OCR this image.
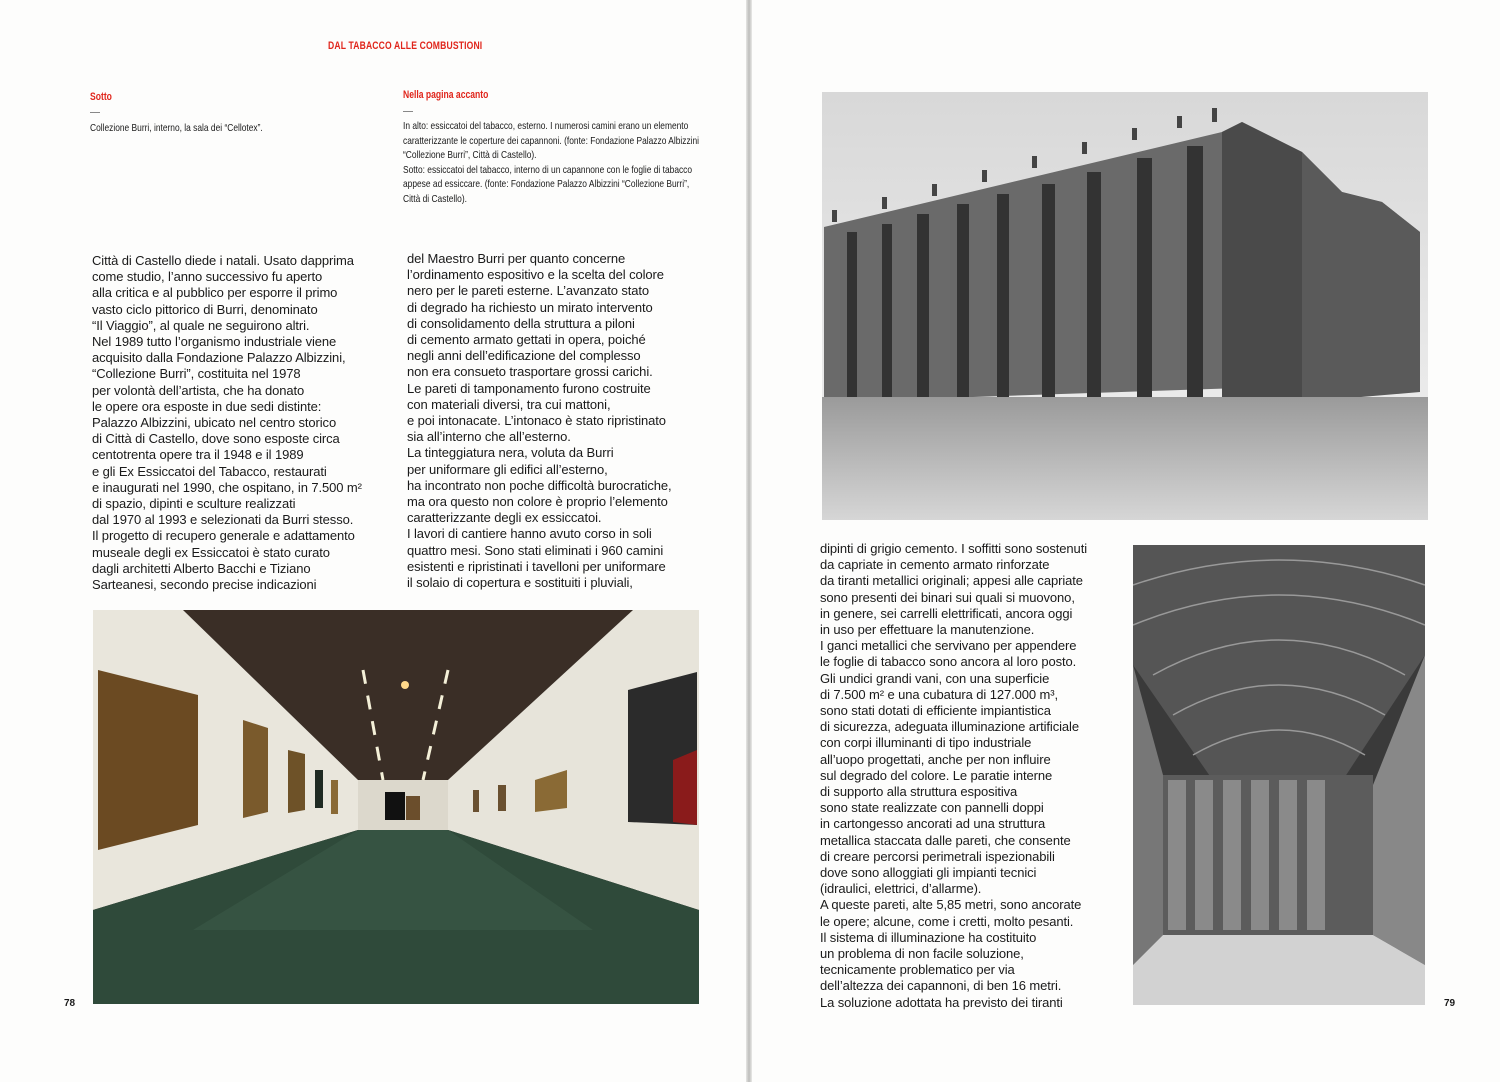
DAL TABACCO ALLE COMBUSTIONI
Sotto
Collezione Burri, interno, la sala dei “Cellotex”.
Nella pagina accanto
In alto: essiccatoi del tabacco, esterno. I numerosi camini erano un elemento
caratterizzante le coperture dei capannoni. (fonte: Fondazione Palazzo Albizzini
“Collezione Burri”, Città di Castello).
Sotto: essiccatoi del tabacco, interno di un capannone con le foglie di tabacco
appese ad essiccare. (fonte: Fondazione Palazzo Albizzini “Collezione Burri”,
Città di Castello).
Città di Castello diede i natali. Usato dapprima
come studio, l’anno successivo fu aperto
alla critica e al pubblico per esporre il primo
vasto ciclo pittorico di Burri, denominato
“Il Viaggio”, al quale ne seguirono altri.
Nel 1989 tutto l’organismo industriale viene
acquisito dalla Fondazione Palazzo Albizzini,
“Collezione Burri”, costituita nel 1978
per volontà dell’artista, che ha donato
le opere ora esposte in due sedi distinte:
Palazzo Albizzini, ubicato nel centro storico
di Città di Castello, dove sono esposte circa
centotrenta opere tra il 1948 e il 1989
e gli Ex Essiccatoi del Tabacco, restaurati
e inaugurati nel 1990, che ospitano, in 7.500 m²
di spazio, dipinti e sculture realizzati
dal 1970 al 1993 e selezionati da Burri stesso.
Il progetto di recupero generale e adattamento
museale degli ex Essiccatoi è stato curato
dagli architetti Alberto Bacchi e Tiziano
Sarteanesi, secondo precise indicazioni
del Maestro Burri per quanto concerne
l’ordinamento espositivo e la scelta del colore
nero per le pareti esterne. L’avanzato stato
di degrado ha richiesto un mirato intervento
di consolidamento della struttura a piloni
di cemento armato gettati in opera, poiché
negli anni dell’edificazione del complesso
non era consueto trasportare grossi carichi.
Le pareti di tamponamento furono costruite
con materiali diversi, tra cui mattoni,
e poi intonacate. L’intonaco è stato ripristinato
sia all’interno che all’esterno.
La tinteggiatura nera, voluta da Burri
per uniformare gli edifici all’esterno,
ha incontrato non poche difficoltà burocratiche,
ma ora questo non colore è proprio l’elemento
caratterizzante degli ex essiccatoi.
I lavori di cantiere hanno avuto corso in soli
quattro mesi. Sono stati eliminati i 960 camini
esistenti e ripristinati i tavelloni per uniformare
il solaio di copertura e sostituiti i pluviali,
78
dipinti di grigio cemento. I soffitti sono sostenuti
da capriate in cemento armato rinforzate
da tiranti metallici originali; appesi alle capriate
sono presenti dei binari sui quali si muovono,
in genere, sei carrelli elettrificati, ancora oggi
in uso per effettuare la manutenzione.
I ganci metallici che servivano per appendere
le foglie di tabacco sono ancora al loro posto.
Gli undici grandi vani, con una superficie
di 7.500 m² e una cubatura di 127.000 m³,
sono stati dotati di efficiente impiantistica
di sicurezza, adeguata illuminazione artificiale
con corpi illuminanti di tipo industriale
all’uopo progettati, anche per non influire
sul degrado del colore. Le paratie interne
di supporto alla struttura espositiva
sono state realizzate con pannelli doppi
in cartongesso ancorati ad una struttura
metallica staccata dalle pareti, che consente
di creare percorsi perimetrali ispezionabili
dove sono alloggiati gli impianti tecnici
(idraulici, elettrici, d’allarme).
A queste pareti, alte 5,85 metri, sono ancorate
le opere; alcune, come i cretti, molto pesanti.
Il sistema di illuminazione ha costituito
un problema di non facile soluzione,
tecnicamente problematico per via
dell’altezza dei capannoni, di ben 16 metri.
La soluzione adottata ha previsto dei tiranti	79
